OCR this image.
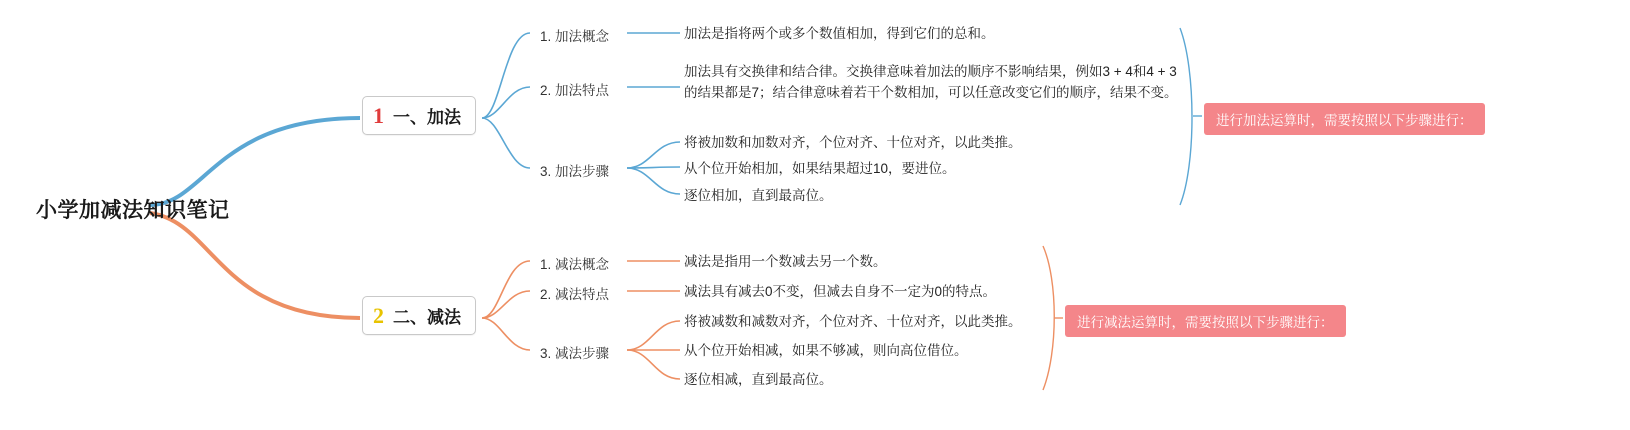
小学加减法知识笔记
1 一、加法
1. 加法概念
2. 加法特点
3. 加法步骤
加法是指将两个或多个数值相加，得到它们的总和。
加法具有交换律和结合律。交换律意味着加法的顺序不影响结果，例如3 + 4和4 + 3的结果都是7；结合律意味着若干个数相加，可以任意改变它们的顺序，结果不变。
将被加数和加数对齐，个位对齐、十位对齐，以此类推。
从个位开始相加，如果结果超过10，要进位。
逐位相加，直到最高位。
进行加法运算时，需要按照以下步骤进行：
2 二、减法
1. 减法概念
2. 减法特点
3. 减法步骤
减法是指用一个数减去另一个数。
减法具有减去0不变，但减去自身不一定为0的特点。
将被减数和减数对齐，个位对齐、十位对齐，以此类推。
从个位开始相减，如果不够减，则向高位借位。
逐位相减，直到最高位。
进行减法运算时，需要按照以下步骤进行：
